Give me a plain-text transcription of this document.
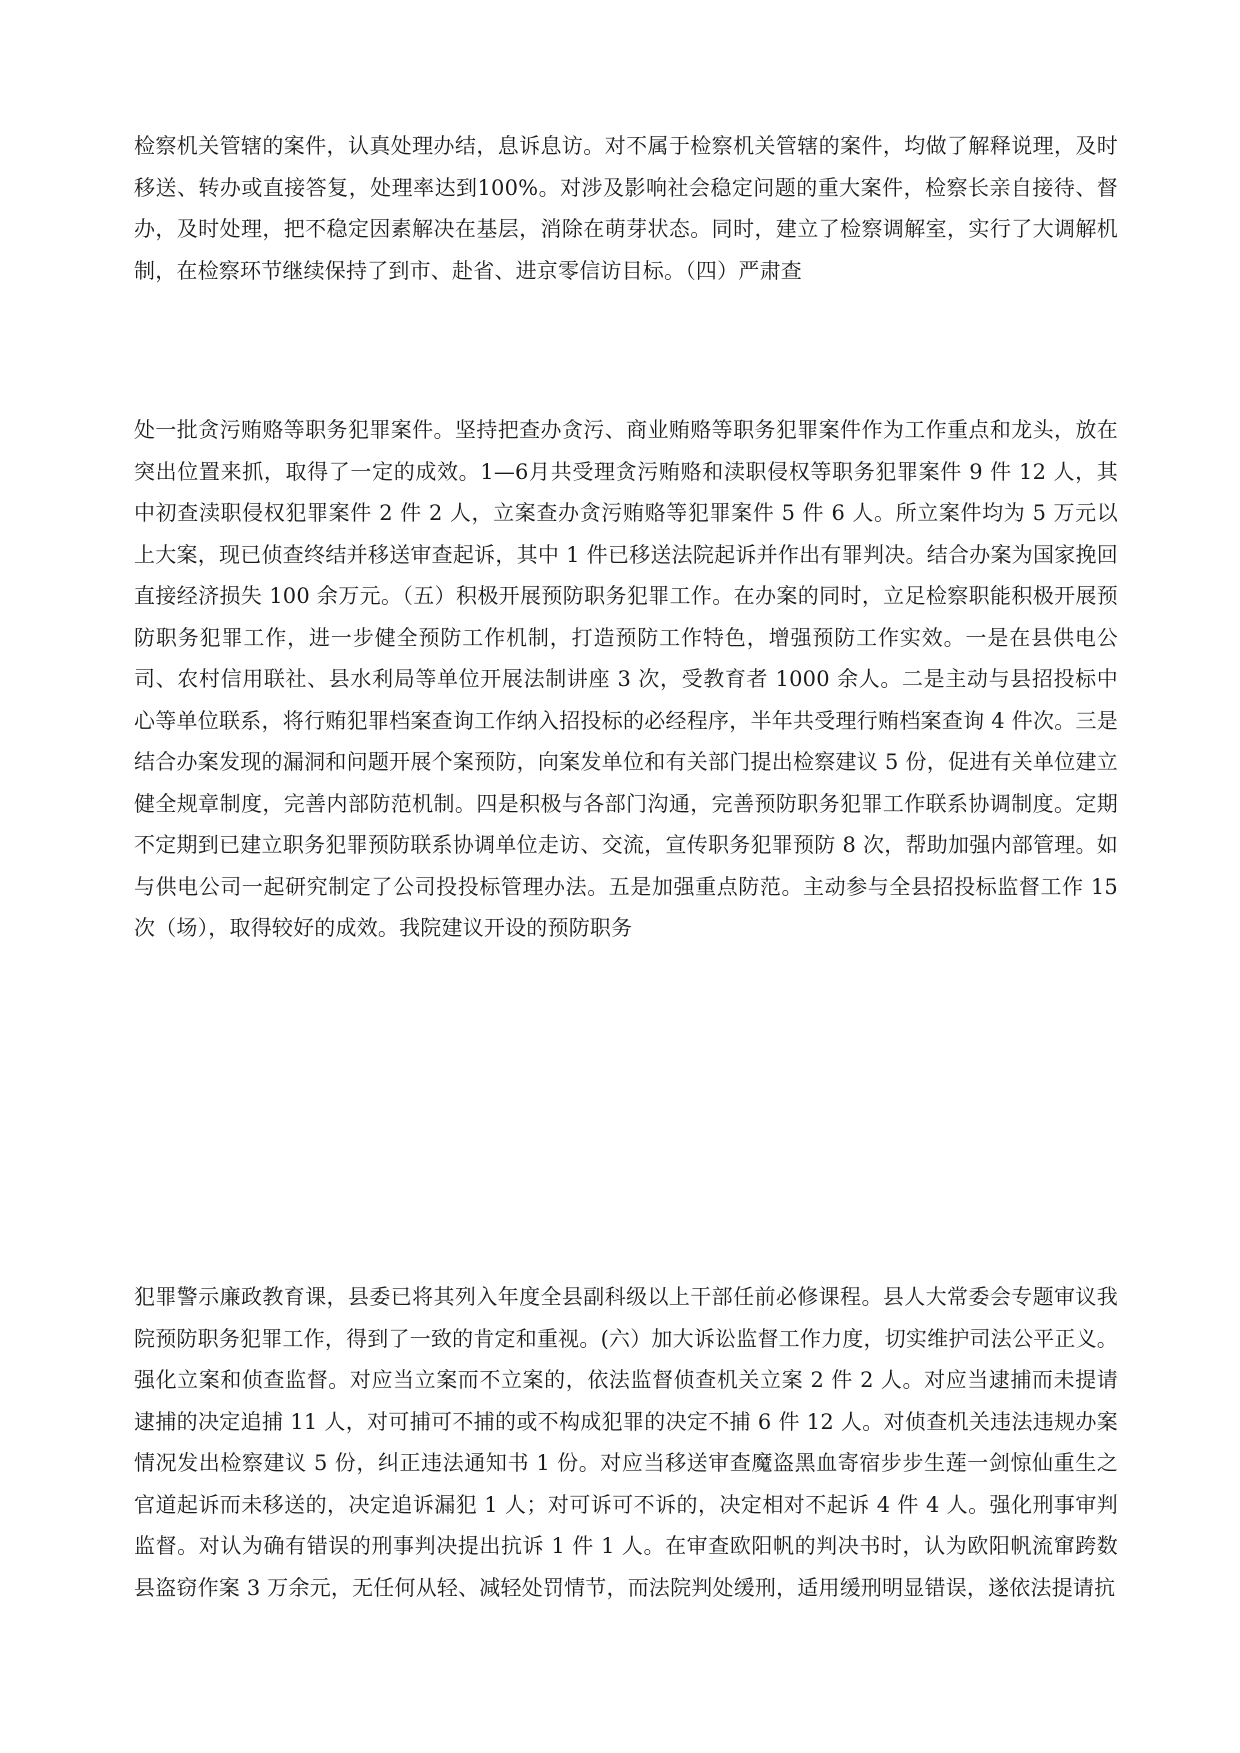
检察机关管辖的案件，认真处理办结，息诉息访。对不属于检察机关管辖的案件，均做了解释说理，及时移送、转办或直接答复，处理率达到100%。对涉及影响社会稳定问题的重大案件，检察长亲自接待、督办，及时处理，把不稳定因素解决在基层，消除在萌芽状态。同时，建立了检察调解室，实行了大调解机制，在检察环节继续保持了到市、赴省、进京零信访目标。（四）严肃查

处一批贪污贿赂等职务犯罪案件。坚持把查办贪污、商业贿赂等职务犯罪案件作为工作重点和龙头，放在突出位置来抓，取得了一定的成效。1—6月共受理贪污贿赂和渎职侵权等职务犯罪案件 9 件 12 人，其中初查渎职侵权犯罪案件 2 件 2 人，立案查办贪污贿赂等犯罪案件 5 件 6 人。所立案件均为 5 万元以上大案，现已侦查终结并移送审查起诉，其中 1 件已移送法院起诉并作出有罪判决。结合办案为国家挽回直接经济损失 100 余万元。（五）积极开展预防职务犯罪工作。在办案的同时，立足检察职能积极开展预防职务犯罪工作，进一步健全预防工作机制，打造预防工作特色，增强预防工作实效。一是在县供电公司、农村信用联社、县水利局等单位开展法制讲座 3 次，受教育者 1000 余人。二是主动与县招投标中心等单位联系，将行贿犯罪档案查询工作纳入招投标的必经程序，半年共受理行贿档案查询 4 件次。三是结合办案发现的漏洞和问题开展个案预防，向案发单位和有关部门提出检察建议 5 份，促进有关单位建立健全规章制度，完善内部防范机制。四是积极与各部门沟通，完善预防职务犯罪工作联系协调制度。定期不定期到已建立职务犯罪预防联系协调单位走访、交流，宣传职务犯罪预防 8 次，帮助加强内部管理。如与供电公司一起研究制定了公司投投标管理办法。五是加强重点防范。主动参与全县招投标监督工作 15 次（场），取得较好的成效。我院建议开设的预防职务

犯罪警示廉政教育课，县委已将其列入年度全县副科级以上干部任前必修课程。县人大常委会专题审议我院预防职务犯罪工作，得到了一致的肯定和重视。(六）加大诉讼监督工作力度，切实维护司法公平正义。强化立案和侦查监督。对应当立案而不立案的，依法监督侦查机关立案 2 件 2 人。对应当逮捕而未提请逮捕的决定追捕 11 人，对可捕可不捕的或不构成犯罪的决定不捕 6 件 12 人。对侦查机关违法违规办案情况发出检察建议 5 份，纠正违法通知书 1 份。对应当移送审查魔盗黑血寄宿步步生莲一剑惊仙重生之官道起诉而未移送的，决定追诉漏犯 1 人；对可诉可不诉的，决定相对不起诉 4 件 4 人。强化刑事审判监督。对认为确有错误的刑事判决提出抗诉 1 件 1 人。在审查欧阳帆的判决书时，认为欧阳帆流窜跨数县盗窃作案 3 万余元，无任何从轻、减轻处罚情节，而法院判处缓刑，适用缓刑明显错误，遂依法提请抗
